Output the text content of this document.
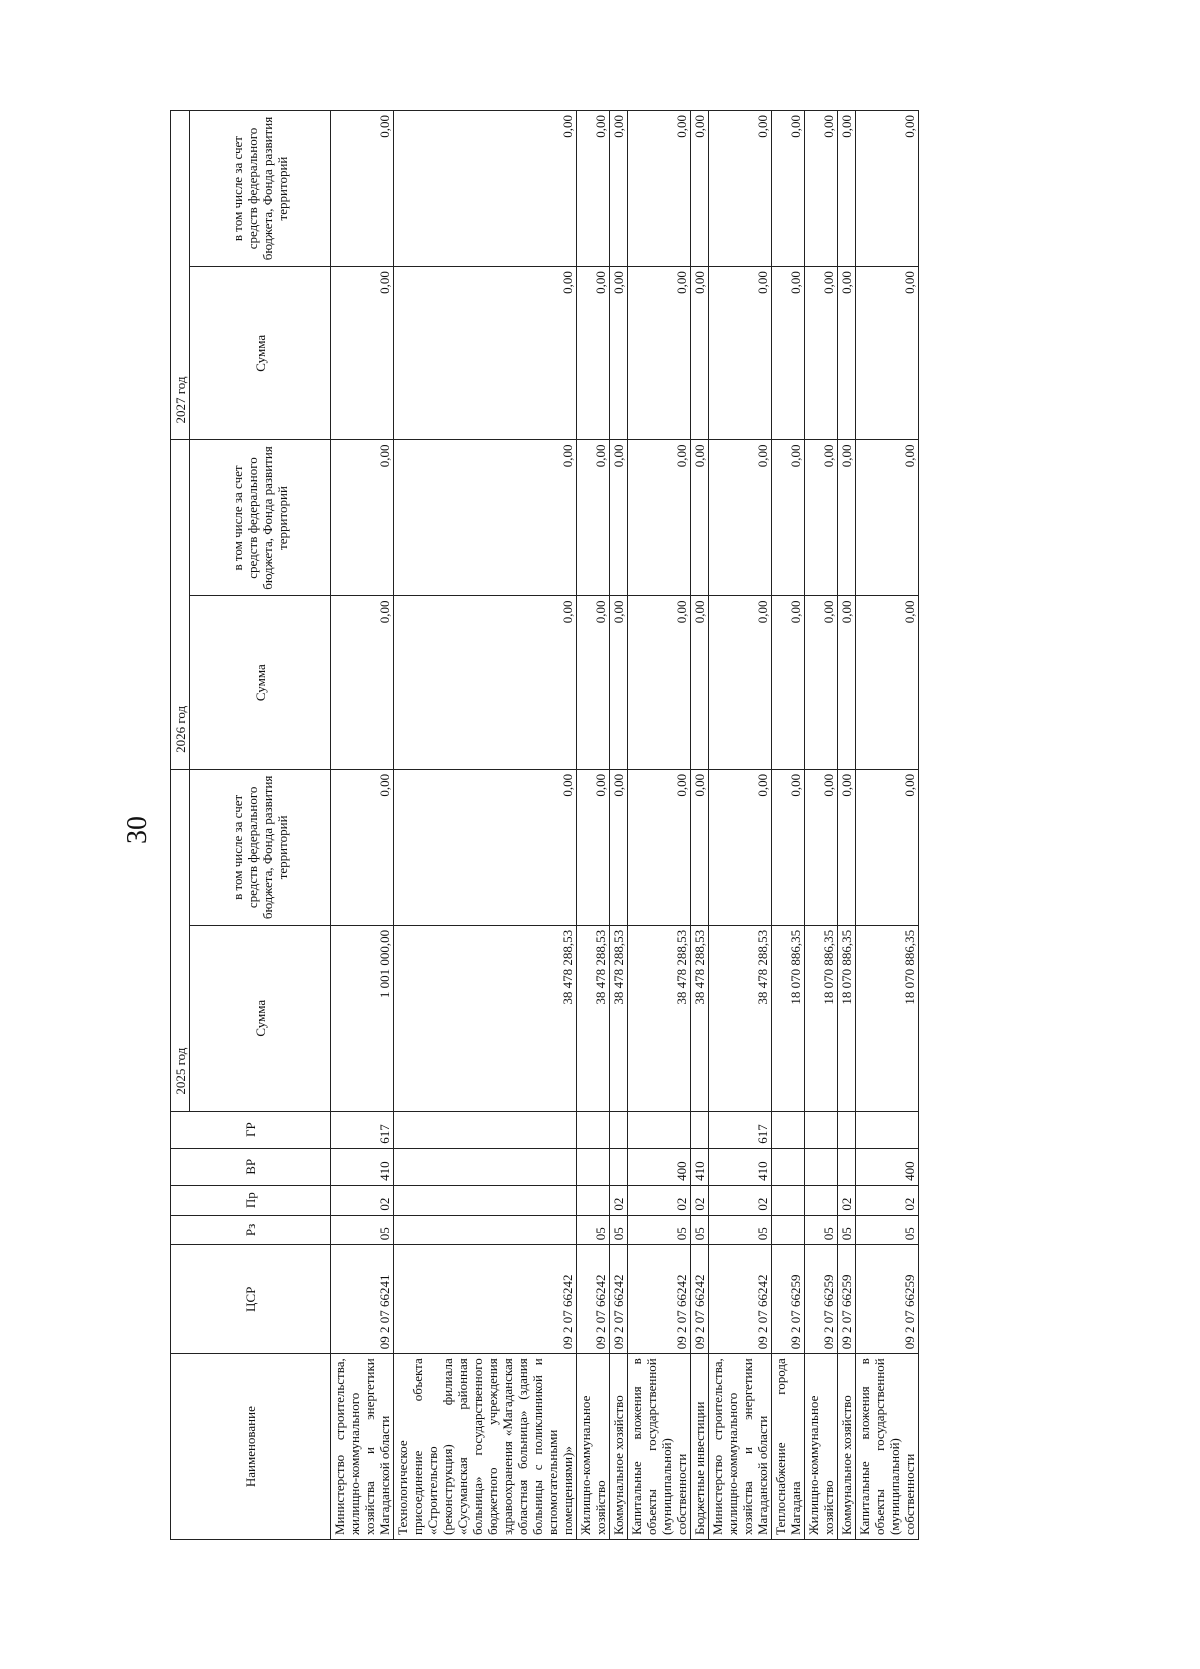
30
Наименование	ЦСР	Рз	Пр	ВР	ГР	2025 год		2026 год		2027 год	
						Сумма	в том числе за счет средств федерального бюджета, Фонда развития территорий	Сумма	в том числе за счет средств федерального бюджета, Фонда развития территорий	Сумма	в том числе за счет средств федерального бюджета, Фонда развития территорий
Министерство строительства, жилищно-коммунального хозяйства и энергетики Магаданской области	09 2 07 66241	05	02	410	617	1 001 000,00	0,00	0,00	0,00	0,00	0,00
Технологическое присоединение объекта «Строительство (реконструкция) филиала «Сусуманская районная больница» государственного бюджетного учреждения здравоохранения «Магаданская областная больница» (здания больницы с поликлиникой и вспомогательными помещениями)»	09 2 07 66242					38 478 288,53	0,00	0,00	0,00	0,00	0,00
Жилищно-коммунальное хозяйство	09 2 07 66242	05				38 478 288,53	0,00	0,00	0,00	0,00	0,00
Коммунальное хозяйство	09 2 07 66242	05	02			38 478 288,53	0,00	0,00	0,00	0,00	0,00
Капитальные вложения в объекты государственной (муниципальной) собственности	09 2 07 66242	05	02	400		38 478 288,53	0,00	0,00	0,00	0,00	0,00
Бюджетные инвестиции	09 2 07 66242	05	02	410		38 478 288,53	0,00	0,00	0,00	0,00	0,00
Министерство строительства, жилищно-коммунального хозяйства и энергетики Магаданской области	09 2 07 66242	05	02	410	617	38 478 288,53	0,00	0,00	0,00	0,00	0,00
Теплоснабжение города Магадана	09 2 07 66259					18 070 886,35	0,00	0,00	0,00	0,00	0,00
Жилищно-коммунальное хозяйство	09 2 07 66259	05				18 070 886,35	0,00	0,00	0,00	0,00	0,00
Коммунальное хозяйство	09 2 07 66259	05	02			18 070 886,35	0,00	0,00	0,00	0,00	0,00
Капитальные вложения в объекты государственной (муниципальной) собственности	09 2 07 66259	05	02	400		18 070 886,35	0,00	0,00	0,00	0,00	0,00
